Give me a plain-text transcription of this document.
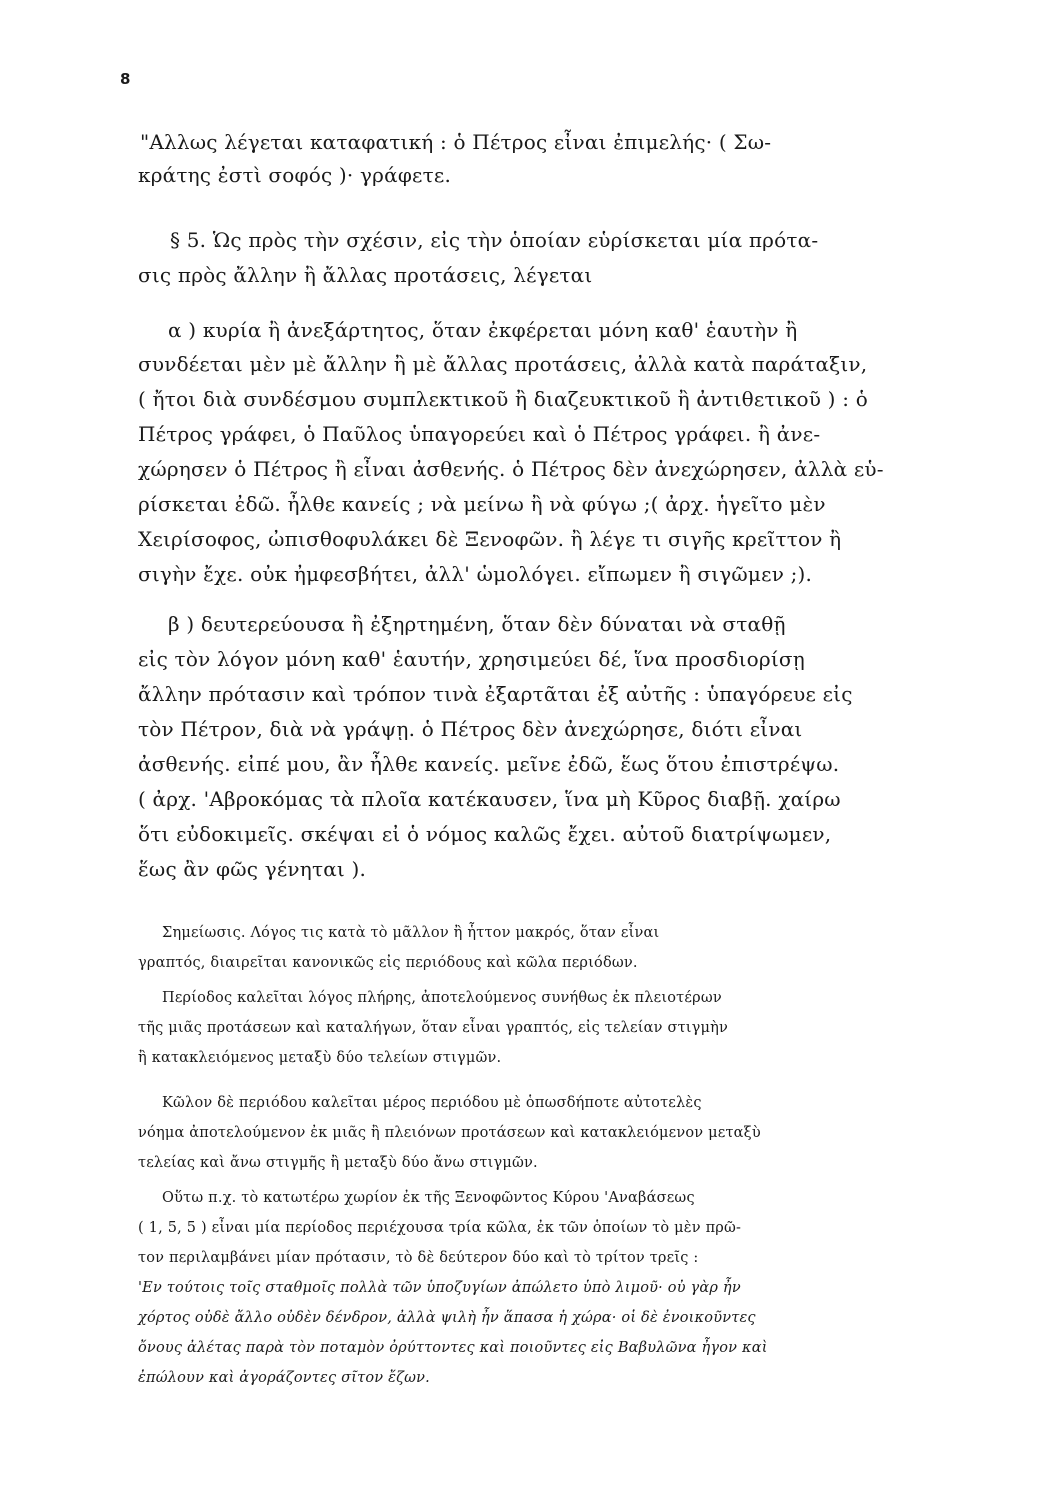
8
"Αλλως λέγεται καταφατική : ὁ Πέτρος εἶναι ἐπιμελής· ( Σω-
κράτης ἐστὶ σοφός )· γράφετε.
§ 5. Ὡς πρὸς τὴν σχέσιν, εἰς τὴν ὁποίαν εὑρίσκεται μία πρότα-
σις πρὸς ἄλλην ἢ ἄλλας προτάσεις, λέγεται
α ) κυρία ἢ ἀνεξάρτητος, ὅταν ἐκφέρεται μόνη καθ' ἑαυτὴν ἢ
συνδέεται μὲν μὲ ἄλλην ἢ μὲ ἄλλας προτάσεις, ἀλλὰ κατὰ παράταξιν,
( ἤτοι διὰ συνδέσμου συμπλεκτικοῦ ἢ διαζευκτικοῦ ἢ ἀντιθετικοῦ ) : ὁ
Πέτρος γράφει, ὁ Παῦλος ὑπαγορεύει καὶ ὁ Πέτρος γράφει. ἢ ἀνε-
χώρησεν ὁ Πέτρος ἢ εἶναι ἀσθενής. ὁ Πέτρος δὲν ἀνεχώρησεν, ἀλλὰ εὑ-
ρίσκεται ἐδῶ. ἦλθε κανείς ; νὰ μείνω ἢ νὰ φύγω ;( ἀρχ. ἡγεῖτο μὲν
Χειρίσοφος, ὠπισθοφυλάκει δὲ Ξενοφῶν. ἢ λέγε τι σιγῆς κρεῖττον ἢ
σιγὴν ἔχε. οὐκ ἠμφεσβήτει, ἀλλ' ὡμολόγει. εἴπωμεν ἢ σιγῶμεν ;).
β ) δευτερεύουσα ἢ ἐξηρτημένη, ὅταν δὲν δύναται νὰ σταθῇ
εἰς τὸν λόγον μόνη καθ' ἑαυτήν, χρησιμεύει δέ, ἵνα προσδιορίσῃ
ἄλλην πρότασιν καὶ τρόπον τινὰ ἐξαρτᾶται ἐξ αὐτῆς : ὑπαγόρευε εἰς
τὸν Πέτρον, διὰ νὰ γράψῃ. ὁ Πέτρος δὲν ἀνεχώρησε, διότι εἶναι
ἀσθενής. εἰπέ μου, ἂν ἦλθε κανείς. μεῖνε ἐδῶ, ἕως ὅτου ἐπιστρέψω.
( ἀρχ. 'Αβροκόμας τὰ πλοῖα κατέκαυσεν, ἵνα μὴ Κῦρος διαβῇ. χαίρω
ὅτι εὐδοκιμεῖς. σκέψαι εἰ ὁ νόμος καλῶς ἔχει. αὐτοῦ διατρίψωμεν,
ἕως ἂν φῶς γένηται ).
Σημείωσις. Λόγος τις κατὰ τὸ μᾶλλον ἢ ἧττον μακρός, ὅταν εἶναι
γραπτός, διαιρεῖται κανονικῶς εἰς περιόδους καὶ κῶλα περιόδων.
Περίοδος καλεῖται λόγος πλήρης, ἀποτελούμενος συνήθως ἐκ πλειοτέρων
τῆς μιᾶς προτάσεων καὶ καταλήγων, ὅταν εἶναι γραπτός, εἰς τελείαν στιγμὴν
ἢ κατακλειόμενος μεταξὺ δύο τελείων στιγμῶν.
Κῶλον δὲ περιόδου καλεῖται μέρος περιόδου μὲ ὁπωσδήποτε αὐτοτελὲς
νόημα ἀποτελούμενον ἐκ μιᾶς ἢ πλειόνων προτάσεων καὶ κατακλειόμενον μεταξὺ
τελείας καὶ ἄνω στιγμῆς ἢ μεταξὺ δύο ἄνω στιγμῶν.
Οὕτω π.χ. τὸ κατωτέρω χωρίον ἐκ τῆς Ξενοφῶντος Κύρου 'Αναβάσεως
( 1, 5, 5 ) εἶναι μία περίοδος περιέχουσα τρία κῶλα, ἐκ τῶν ὁποίων τὸ μὲν πρῶ-
τον περιλαμβάνει μίαν πρότασιν, τὸ δὲ δεύτερον δύο καὶ τὸ τρίτον τρεῖς :
'Εν τούτοις τοῖς σταθμοῖς πολλὰ τῶν ὑποζυγίων ἀπώλετο ὑπὸ λιμοῦ· οὐ γὰρ ἦν
χόρτος οὐδὲ ἄλλο οὐδὲν δένδρον, ἀλλὰ ψιλὴ ἦν ἅπασα ἡ χώρα· οἱ δὲ ἐνοικοῦντες
ὄνους ἀλέτας παρὰ τὸν ποταμὸν ὀρύττοντες καὶ ποιοῦντες εἰς Βαβυλῶνα ἦγον καὶ
ἐπώλουν καὶ ἀγοράζοντες σῖτον ἔζων.
